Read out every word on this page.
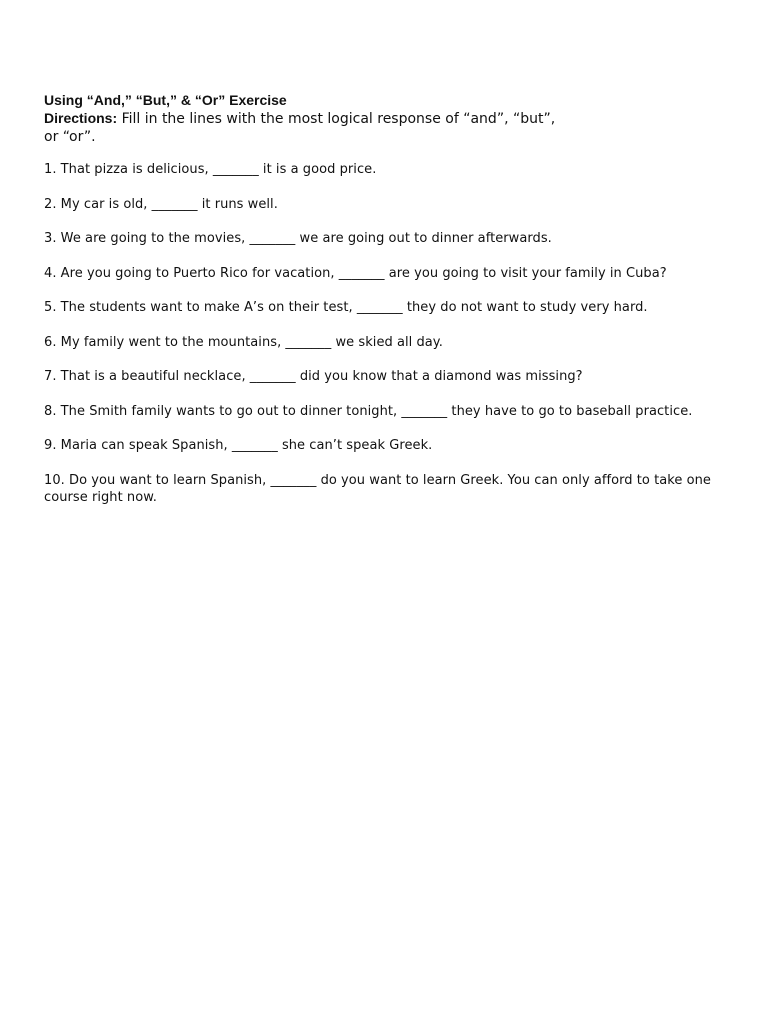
Using “And,” “But,” & “Or” Exercise

Directions: Fill in the lines with the most logical response of “and”, “but”, or “or”.

1. That pizza is delicious, _______ it is a good price.
2. My car is old, _______ it runs well.
3. We are going to the movies, _______ we are going out to dinner afterwards.
4. Are you going to Puerto Rico for vacation, _______ are you going to visit your family in Cuba?
5. The students want to make A’s on their test, _______ they do not want to study very hard.
6. My family went to the mountains, _______ we skied all day.
7. That is a beautiful necklace, _______ did you know that a diamond was missing?
8. The Smith family wants to go out to dinner tonight, _______ they have to go to baseball practice.
9. Maria can speak Spanish, _______ she can’t speak Greek.
10. Do you want to learn Spanish, _______ do you want to learn Greek. You can only afford to take one course right now.
